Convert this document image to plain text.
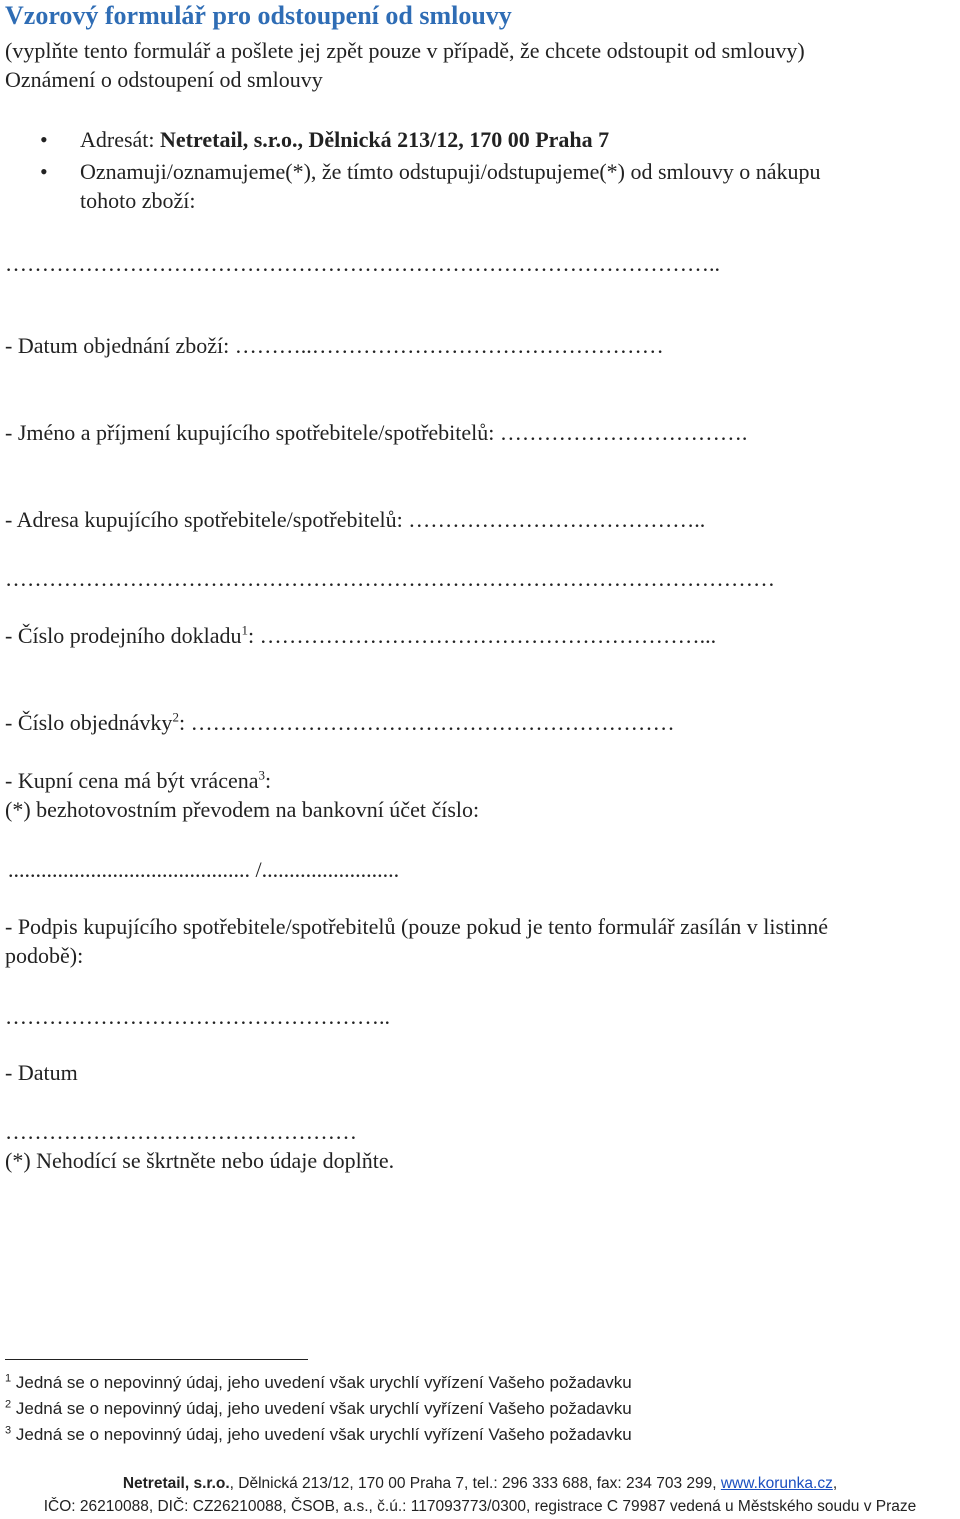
Vzorový formulář pro odstoupení od smlouvy
(vyplňte tento formulář a pošlete jej zpět pouze v případě, že chcete odstoupit od smlouvy)
Oznámení o odstoupení od smlouvy
• Adresát: Netretail, s.r.o., Dělnická 213/12, 170 00 Praha 7
• Oznamuji/oznamujeme(*), že tímto odstupuji/odstupujeme(*) od smlouvy o nákupu
tohoto zboží:
……………………………………………………………………………………..
- Datum objednání zboží: ………..…………………………………………
- Jméno a příjmení kupujícího spotřebitele/spotřebitelů: …………………………….
- Adresa kupujícího spotřebitele/spotřebitelů: …………………………………..
……………………………………………………………………………………………
- Číslo prodejního dokladu$^1$: ……………………………………………………...
- Číslo objednávky$^2$: …………………………………………………………
- Kupní cena má být vrácena$^3$:
(*) bezhotovostním převodem na bankovní účet číslo:
............................................ /.........................
- Podpis kupujícího spotřebitele/spotřebitelů (pouze pokud je tento formulář zasílán v listinné
podobě):
……………………………………………..
- Datum
…………………………………………
(*) Nehodící se škrtněte nebo údaje doplňte.
$^1$ Jedná se o nepovinný údaj, jeho uvedení však urychlí vyřízení Vašeho požadavku
$^2$ Jedná se o nepovinný údaj, jeho uvedení však urychlí vyřízení Vašeho požadavku
$^3$ Jedná se o nepovinný údaj, jeho uvedení však urychlí vyřízení Vašeho požadavku
Netretail, s.r.o., Dělnická 213/12, 170 00 Praha 7, tel.: 296 333 688, fax: 234 703 299, www.korunka.cz,
IČO: 26210088, DIČ: CZ26210088, ČSOB, a.s., č.ú.: 117093773/0300, registrace C 79987 vedená u Městského soudu v Praze
